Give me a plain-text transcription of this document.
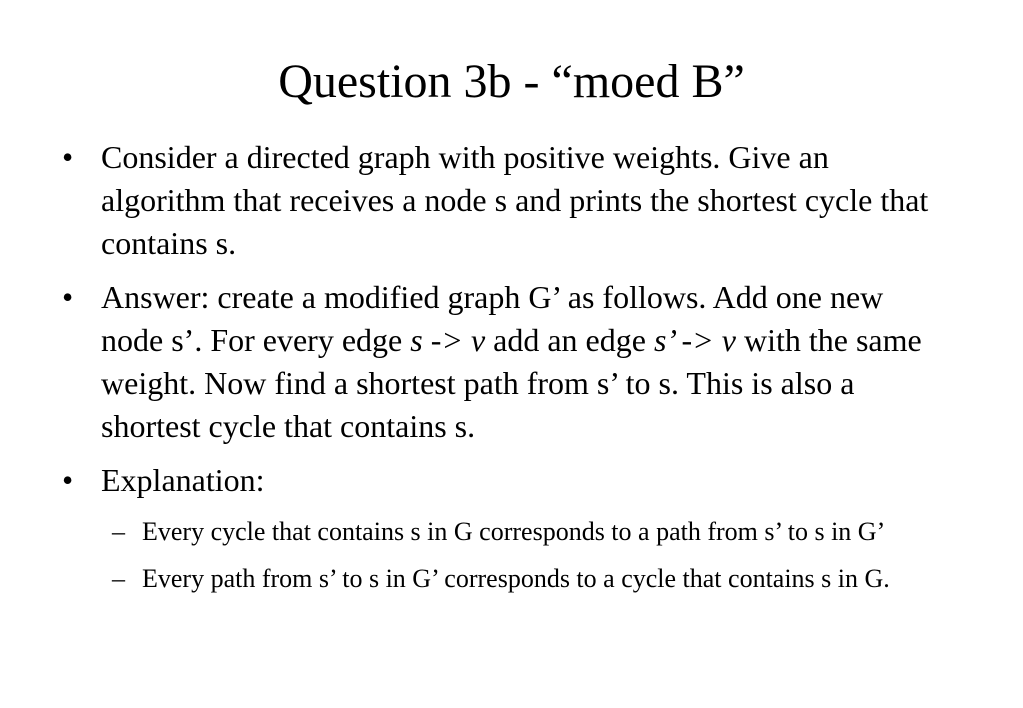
Question 3b - “moed B”
• Consider a directed graph with positive weights. Give an algorithm that receives a node s and prints the shortest cycle that contains s.
• Answer: create a modified graph G’ as follows. Add one new node s’. For every edge s -> v add an edge s’ -> v with the same weight. Now find a shortest path from s’ to s. This is also a shortest cycle that contains s.
• Explanation:
– Every cycle that contains s in G corresponds to a path from s’ to s in G’
– Every path from s’ to s in G’ corresponds to a cycle that contains s in G.
